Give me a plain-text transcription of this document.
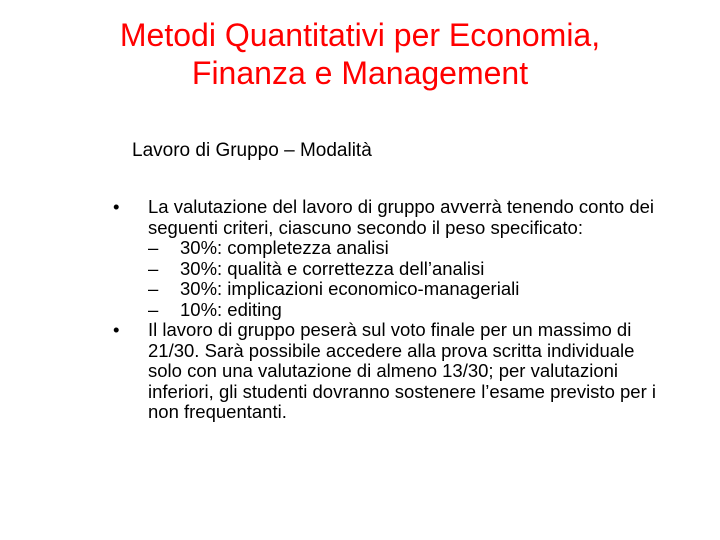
Metodi Quantitativi per Economia,
Finanza e Management
Lavoro di Gruppo – Modalità
• La valutazione del lavoro di gruppo avverrà tenendo conto dei seguenti criteri, ciascuno secondo il peso specificato:
– 30%: completezza analisi
– 30%: qualità e correttezza dell’analisi
– 30%: implicazioni economico-manageriali
– 10%: editing
• Il lavoro di gruppo peserà sul voto finale per un massimo di 21/30. Sarà possibile accedere alla prova scritta individuale solo con una valutazione di almeno 13/30; per valutazioni inferiori, gli studenti dovranno sostenere l’esame previsto per i non frequentanti.
